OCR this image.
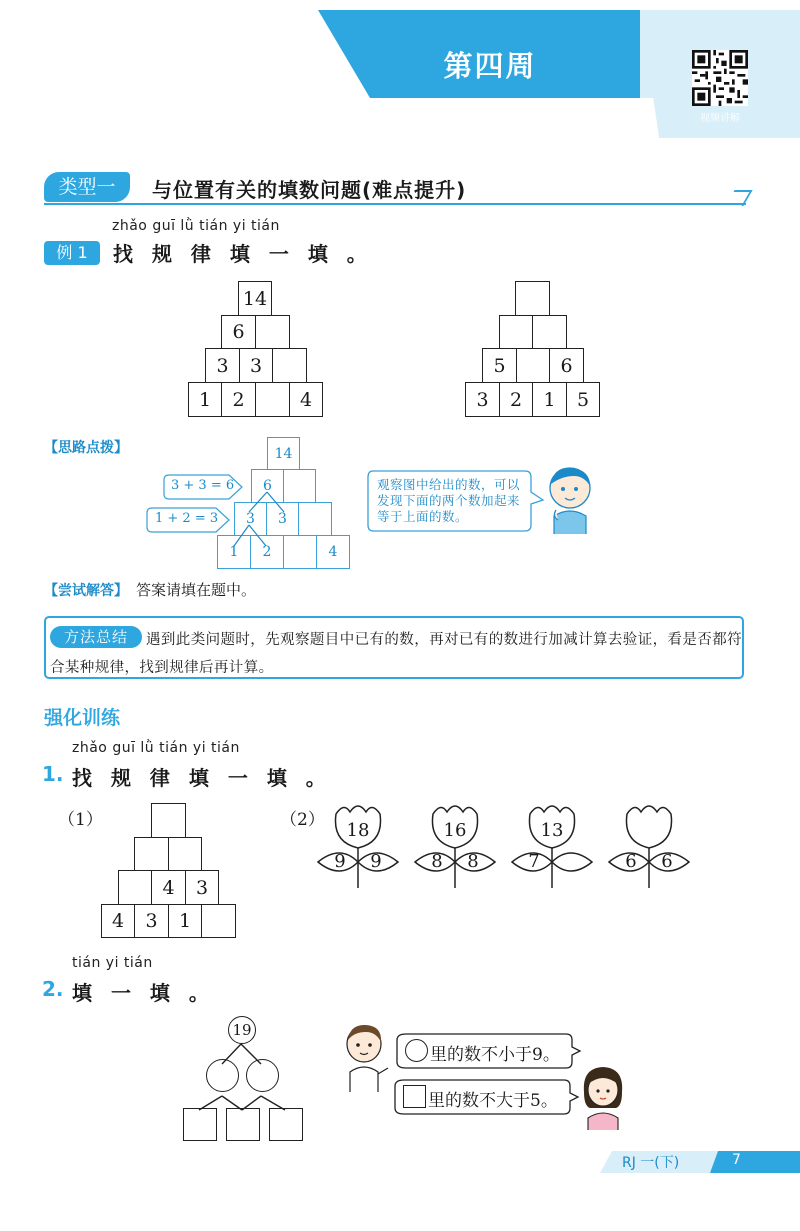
第四周
视频讲解
类型一	与位置有关的填数问题(难点提升)
zhǎo guī lǜ tián yi tián
例 1	找 规 律 填 一 填 。
14
6
3	3
1	2	4
5	6
3	2	1	5
【思路点拨】	14
6
3	3
1	2	4
3 + 3 = 6
1 + 2 = 3
观察图中给出的数，可以发现下面的两个数加起来等于上面的数。
【尝试解答】 答案请填在题中。
方法总结	遇到此类问题时，先观察题目中已有的数，再对已有的数进行加减计算去验证，看是否都符合某种规律，找到规律后再计算。
强化训练
zhǎo guī lǜ tián yi tián
1. 找 规 律 填 一 填 。
（1）
4	3
4	3	1
（2）	18
9	9
16
8	8
13
7	6	6
tián yi tián
2. 填 一 填 。
19
里的数不小于9。
里的数不大于5。
RJ 一(下)	7
